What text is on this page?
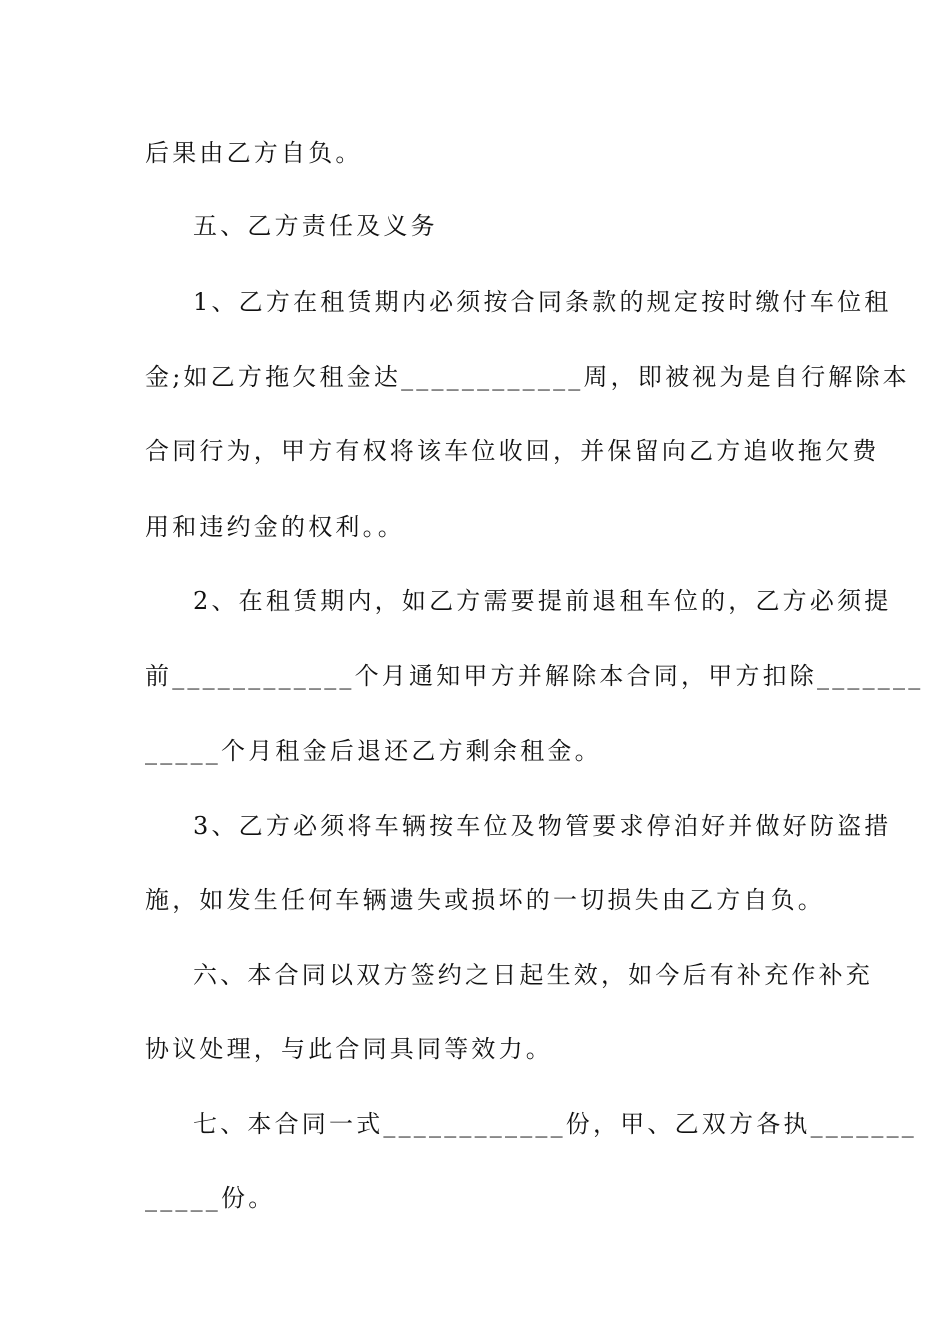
后果由乙方自负。
五、乙方责任及义务
1、乙方在租赁期内必须按合同条款的规定按时缴付车位租
金;如乙方拖欠租金达____________周，即被视为是自行解除本
合同行为，甲方有权将该车位收回，并保留向乙方追收拖欠费
用和违约金的权利。。
2、在租赁期内，如乙方需要提前退租车位的，乙方必须提
前____________个月通知甲方并解除本合同，甲方扣除_______
_____个月租金后退还乙方剩余租金。
3、乙方必须将车辆按车位及物管要求停泊好并做好防盗措
施，如发生任何车辆遗失或损坏的一切损失由乙方自负。
六、本合同以双方签约之日起生效，如今后有补充作补充
协议处理，与此合同具同等效力。
七、本合同一式____________份，甲、乙双方各执_______
_____份。
